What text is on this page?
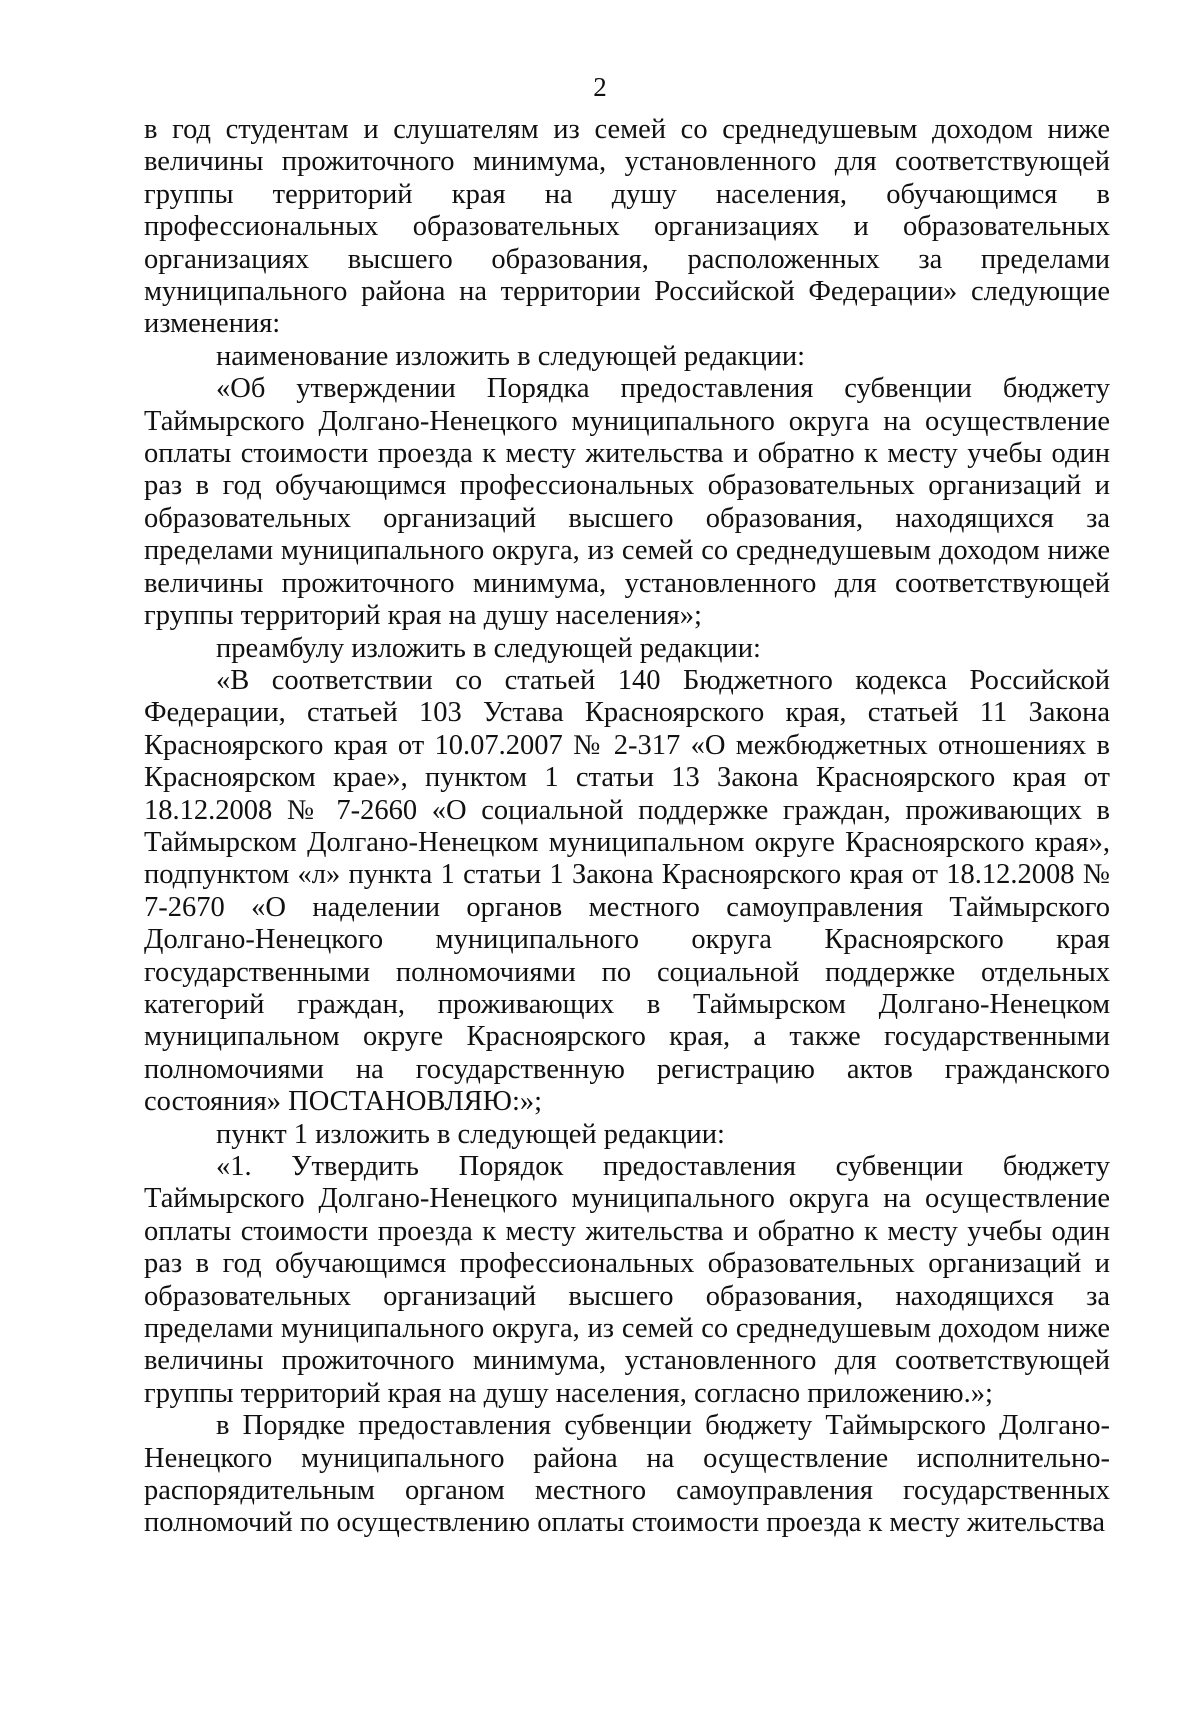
2

в год студентам и слушателям из семей со среднедушевым доходом ниже величины прожиточного минимума, установленного для соответствующей группы территорий края на душу населения, обучающимся в профессиональных образовательных организациях и образовательных организациях высшего образования, расположенных за пределами муниципального района на территории Российской Федерации» следующие изменения:

наименование изложить в следующей редакции:

«Об утверждении Порядка предоставления субвенции бюджету Таймырского Долгано-Ненецкого муниципального округа на осуществление оплаты стоимости проезда к месту жительства и обратно к месту учебы один раз в год обучающимся профессиональных образовательных организаций и образовательных организаций высшего образования, находящихся за пределами муниципального округа, из семей со среднедушевым доходом ниже величины прожиточного минимума, установленного для соответствующей группы территорий края на душу населения»;

преамбулу изложить в следующей редакции:

«В соответствии со статьей 140 Бюджетного кодекса Российской Федерации, статьей 103 Устава Красноярского края, статьей 11 Закона Красноярского края от 10.07.2007 № 2-317 «О межбюджетных отношениях в Красноярском крае», пунктом 1 статьи 13 Закона Красноярского края от 18.12.2008 № 7-2660 «О социальной поддержке граждан, проживающих в Таймырском Долгано-Ненецком муниципальном округе Красноярского края», подпунктом «л» пункта 1 статьи 1 Закона Красноярского края от 18.12.2008 № 7-2670 «О наделении органов местного самоуправления Таймырского Долгано-Ненецкого муниципального округа Красноярского края государственными полномочиями по социальной поддержке отдельных категорий граждан, проживающих в Таймырском Долгано-Ненецком муниципальном округе Красноярского края, а также государственными полномочиями на государственную регистрацию актов гражданского состояния» ПОСТАНОВЛЯЮ:»;

пункт 1 изложить в следующей редакции:

«1. Утвердить Порядок предоставления субвенции бюджету Таймырского Долгано-Ненецкого муниципального округа на осуществление оплаты стоимости проезда к месту жительства и обратно к месту учебы один раз в год обучающимся профессиональных образовательных организаций и образовательных организаций высшего образования, находящихся за пределами муниципального округа, из семей со среднедушевым доходом ниже величины прожиточного минимума, установленного для соответствующей группы территорий края на душу населения, согласно приложению.»;

в Порядке предоставления субвенции бюджету Таймырского Долгано-Ненецкого муниципального района на осуществление исполнительно-распорядительным органом местного самоуправления государственных полномочий по осуществлению оплаты стоимости проезда к месту жительства
